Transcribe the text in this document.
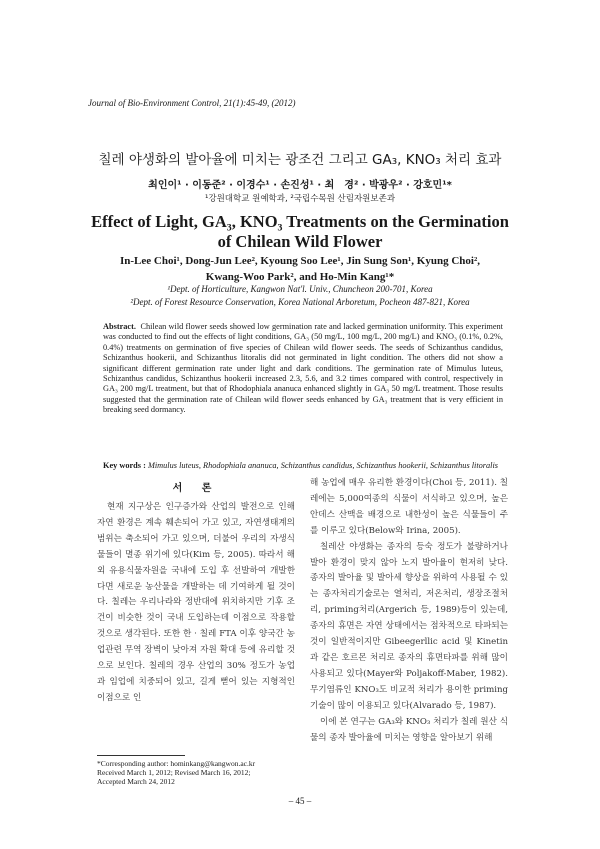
Journal of Bio-Environment Control, 21(1):45-49, (2012)
칠레 야생화의 발아율에 미치는 광조건 그리고 GA₃, KNO₃ 처리 효과
최인이¹ · 이동준² · 이경수¹ · 손진성¹ · 최　경² · 박광우² · 강호민¹*
¹강원대학교 원예학과, ²국립수목원 산림자원보존과
Effect of Light, GA₃, KNO₃ Treatments on the Germination
of Chilean Wild Flower
In-Lee Choi¹, Dong-Jun Lee², Kyoung Soo Lee¹, Jin Sung Son¹, Kyung Choi²,
Kwang-Woo Park², and Ho-Min Kang¹*
¹Dept. of Horticulture, Kangwon Nat'l. Univ., Chuncheon 200-701, Korea
²Dept. of Forest Resource Conservation, Korea National Arboretum, Pocheon 487-821, Korea
Abstract. Chilean wild flower seeds showed low germination rate and lacked germination uniformity. This experiment was conducted to find out the effects of light conditions, GA₃ (50 mg/L, 100 mg/L, 200 mg/L) and KNO₃ (0.1%, 0.2%, 0.4%) treatments on germination of five species of Chilean wild flower seeds. The seeds of Schizanthus candidus, Schizanthus hookerii, and Schizanthus litoralis did not germinated in light condition. The others did not show a significant different germination rate under light and dark conditions. The germination rate of Mimulus luteus, Schizanthus candidus, Schizanthus hookerii increased 2.3, 5.6, and 3.2 times compared with control, respectively in GA₃ 200 mg/L treatment, but that of Rhodophiala ananuca enhanced slightly in GA₃ 50 mg/L treatment. Those results suggested that the germination rate of Chilean wild flower seeds enhanced by GA₃ treatment that is very efficient in breaking seed dormancy.
Key words : Mimulus luteus, Rhodophiala ananuca, Schizanthus candidus, Schizanthus hookerii, Schizanthus litoralis
서 론

현재 지구상은 인구증가와 산업의 발전으로 인해 자연 환경은 계속 훼손되어 가고 있고, 자연생태계의 범위는 축소되어 가고 있으며, 더불어 우리의 자생식물들이 멸종 위기에 있다(Kim 등, 2005). 따라서 해외 유용식물자원을 국내에 도입 후 선발하여 개발한다면 새로운 농산물을 개발하는 데 기여하게 될 것이다. 칠레는 우리나라와 정반대에 위치하지만 기후 조건이 비슷한 것이 국내 도입하는데 이점으로 작용할 것으로 생각된다. 또한 한 · 칠레 FTA 이후 양국간 농업관련 무역 장벽이 낮아져 자원 확대 등에 유리할 것으로 보인다. 칠레의 경우 산업의 30% 정도가 농업과 임업에 치중되어 있고, 길게 뻗어 있는 지형적인 이점으로 인

해 농업에 매우 유리한 환경이다(Choi 등, 2011). 칠레에는 5,000여종의 식물이 서식하고 있으며, 높은 안데스 산맥을 배경으로 내한성이 높은 식물들이 주를 이루고 있다(Below와 Irina, 2005).

칠레산 야생화는 종자의 등숙 정도가 불량하거나 발아 환경이 맞지 않아 노지 발아율이 현저히 낮다. 종자의 발아율 및 발아세 향상을 위하여 사용될 수 있는 종자처리기술로는 열처리, 저온처리, 생장조절처리, priming처리(Argerich 등, 1989)등이 있는데, 종자의 휴면은 자연 상태에서는 점차적으로 타파되는 것이 일반적이지만 Gibeegerllic acid 및 Kinetin과 같은 호르몬 처리로 종자의 휴면타파를 위해 많이 사용되고 있다(Mayer와 Poljakoff-Maber, 1982). 무기염류인 KNO₃도 비교적 처리가 용이한 priming 기술이 많이 이용되고 있다(Alvarado 등, 1987).

이에 본 연구는 GA₃와 KNO₃ 처리가 칠레 원산 식물의 종자 발아율에 미치는 영향을 알아보기 위해

*Corresponding author: hominkang@kangwon.ac.kr
Received March 1, 2012; Revised March 16, 2012;
Accepted March 24, 2012
– 45 –
